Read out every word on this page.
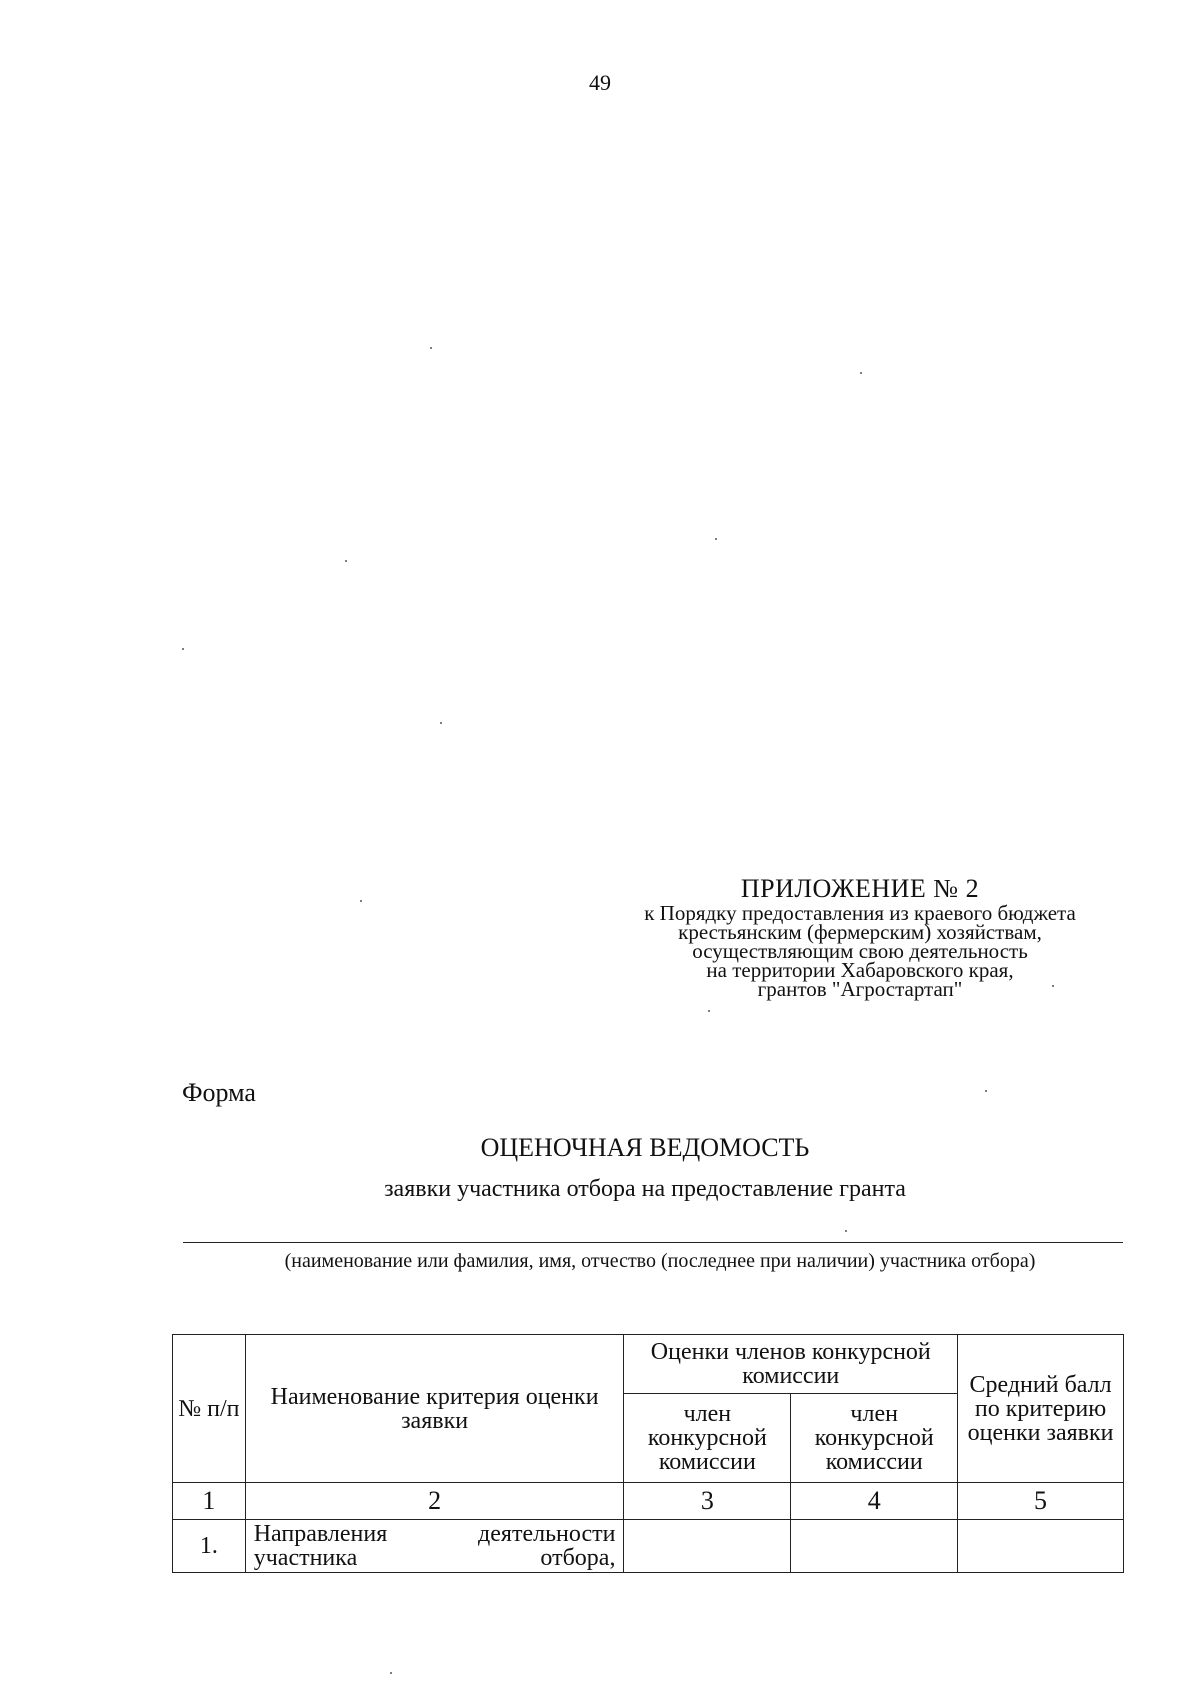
49
ПРИЛОЖЕНИЕ № 2
к Порядку предоставления из краевого бюджета
крестьянским (фермерским) хозяйствам,
осуществляющим свою деятельность
на территории Хабаровского края,
грантов "Агростартап"
Форма
ОЦЕНОЧНАЯ ВЕДОМОСТЬ
заявки участника отбора на предоставление гранта
(наименование или фамилия, имя, отчество (последнее при наличии) участника отбора)
№ п/п	Наименование критерия оценки заявки	Оценки членов конкурсной комиссии		Средний балл по критерию оценки заявки
		член конкурсной комиссии	член конкурсной комиссии	
1	2	3	4	5
1.	Направления деятельности участника отбора,			
